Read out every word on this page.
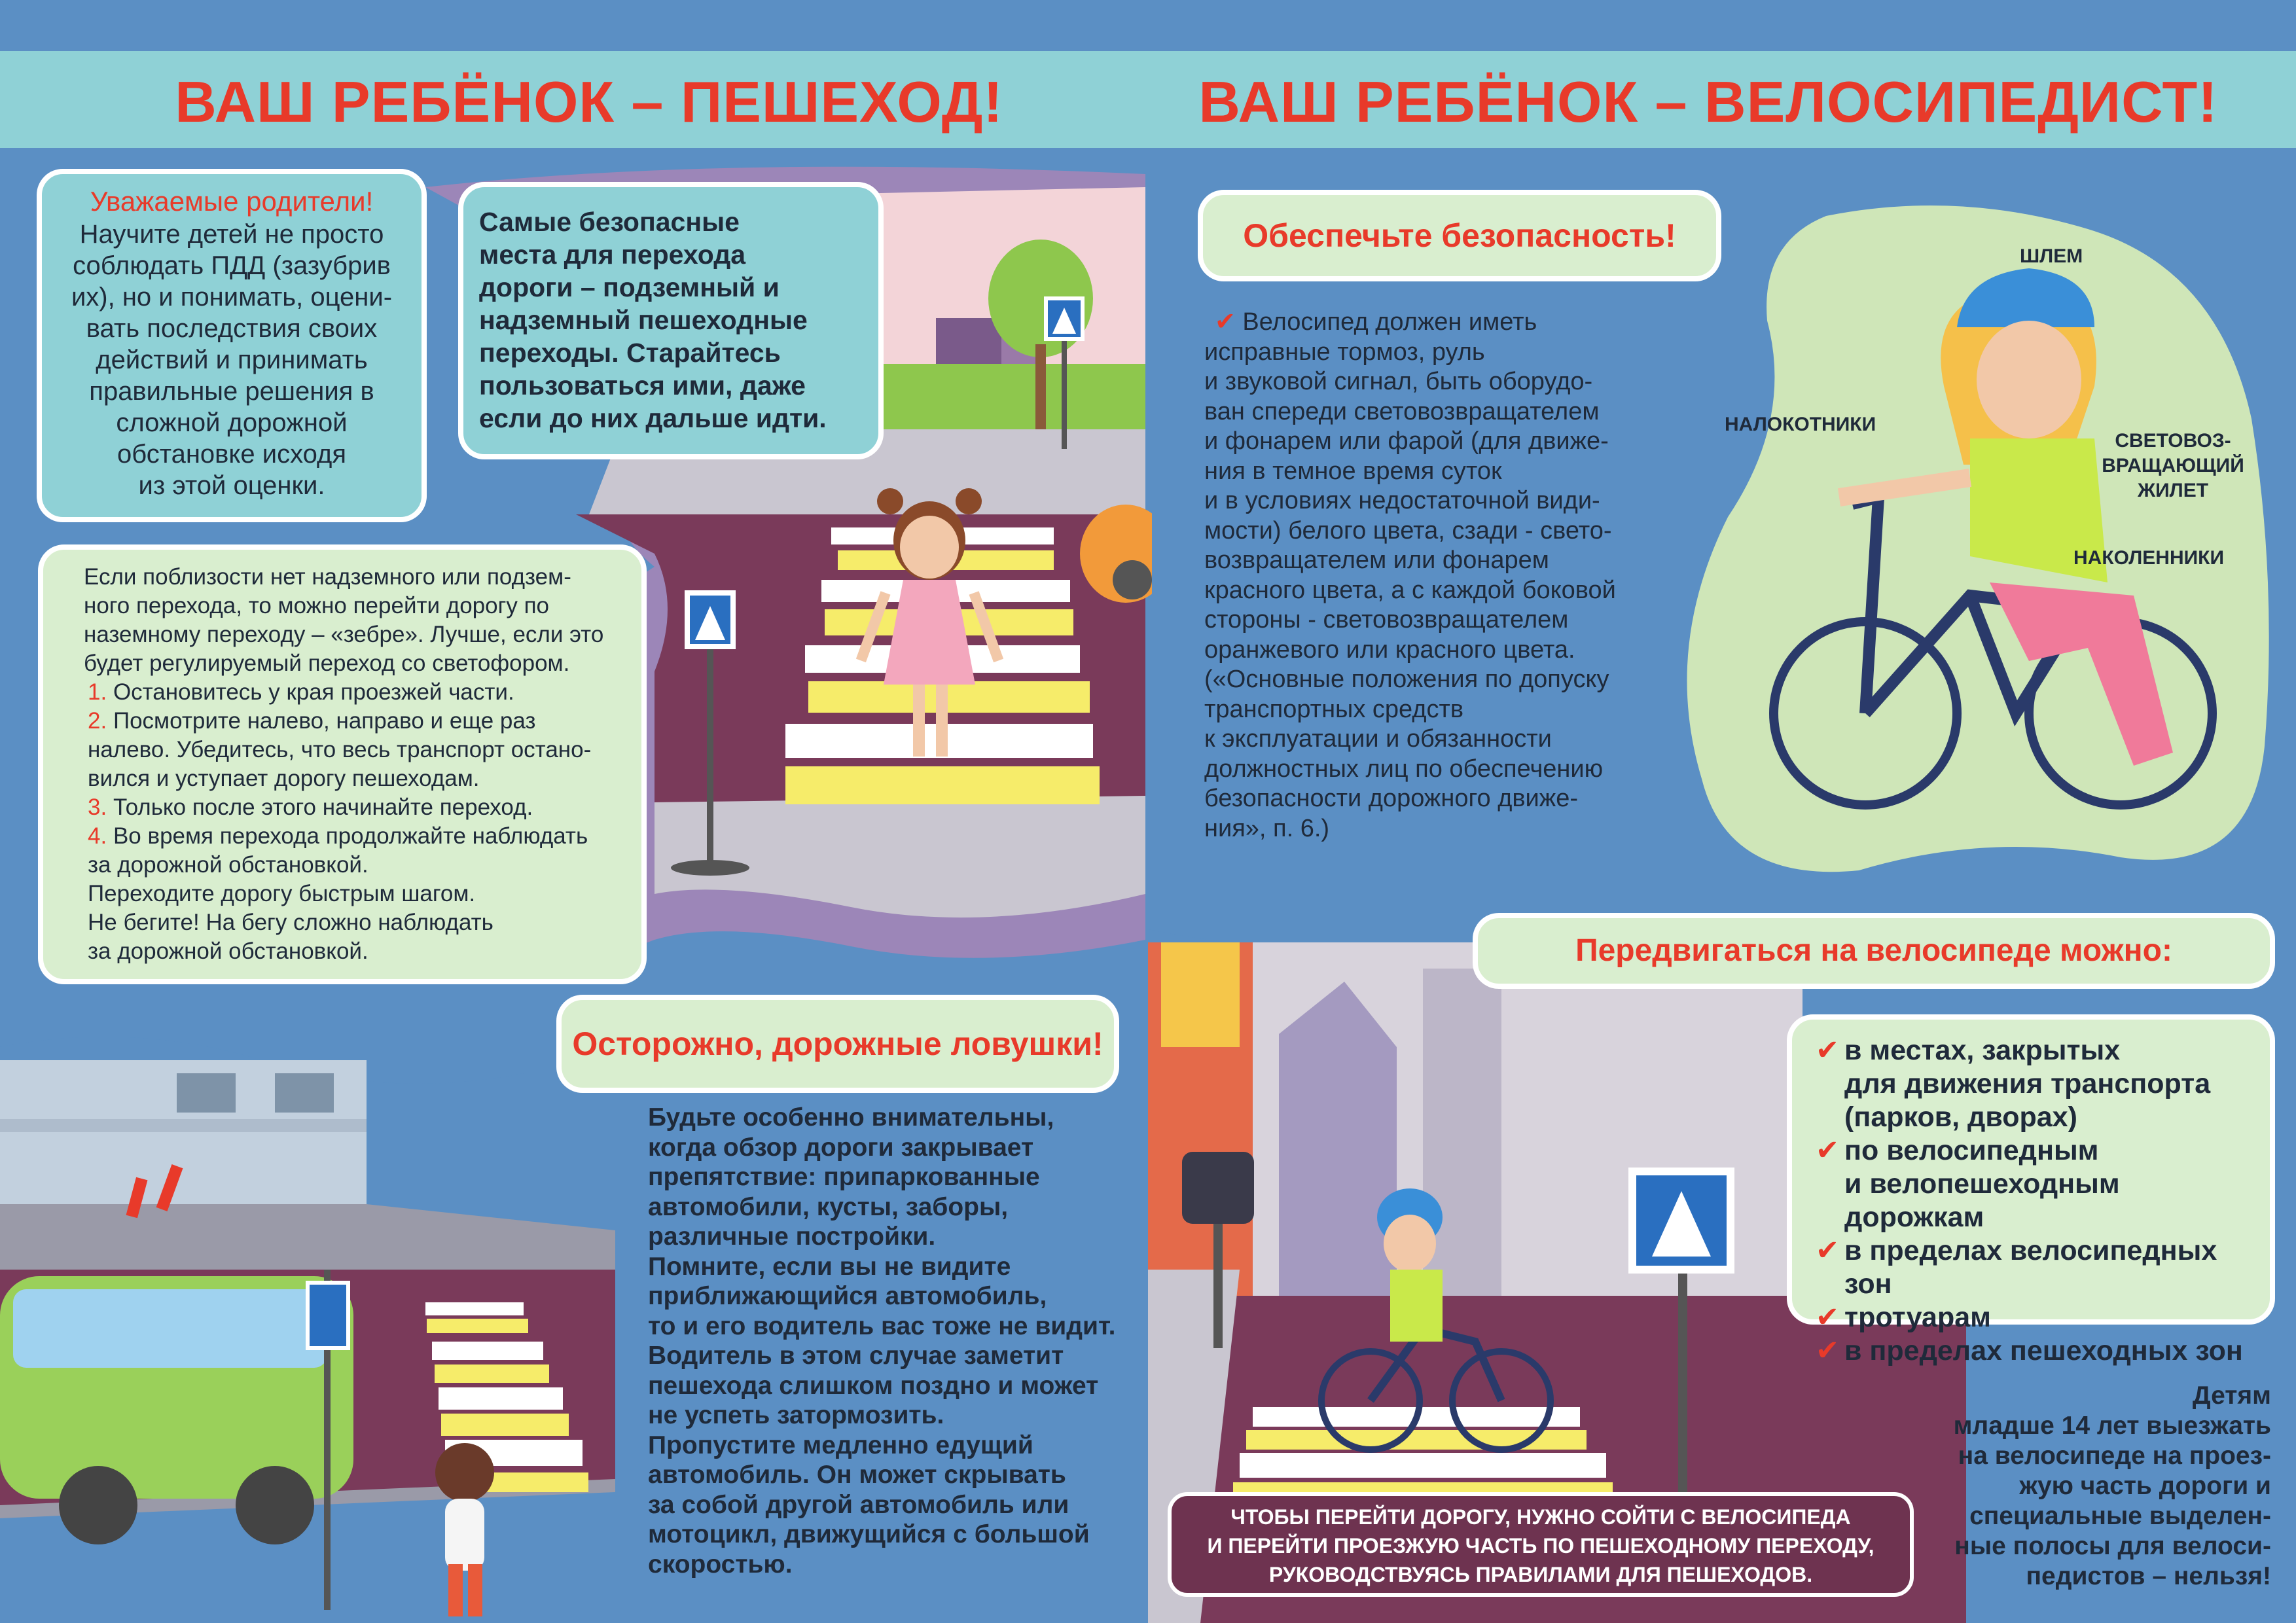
ВАШ РЕБЁНОК – ПЕШЕХОД!	ВАШ РЕБЁНОК – ВЕЛОСИПЕДИСТ!
Уважаемые родители!
Научите детей не просто
соблюдать ПДД (зазубрив
их), но и понимать, оцени-
вать последствия своих
действий и принимать
правильные решения в
сложной дорожной
обстановке исходя
из этой оценки.
Самые безопасные
места для перехода
дороги – подземный и
надземный пешеходные
переходы. Старайтесь
пользоваться ими, даже
если до них дальше идти.
Если поблизости нет надземного или подзем-
ного перехода, то можно перейти дорогу по
наземному переходу – «зебре». Лучше, если это
будет регулируемый переход со светофором.
1. Остановитесь у края проезжей части.
2. Посмотрите налево, направо и еще раз
налево. Убедитесь, что весь транспорт остано-
вился и уступает дорогу пешеходам.
3. Только после этого начинайте переход.
4. Во время перехода продолжайте наблюдать
за дорожной обстановкой.
Переходите дорогу быстрым шагом.
Не бегите! На бегу сложно наблюдать
за дорожной обстановкой.
Осторожно, дорожные ловушки!
Будьте особенно внимательны,
когда обзор дороги закрывает
препятствие: припаркованные
автомобили, кусты, заборы,
различные постройки.
Помните, если вы не видите
приближающийся автомобиль,
то и его водитель вас тоже не видит.
Водитель в этом случае заметит
пешехода слишком поздно и может
не успеть затормозить.
Пропустите медленно едущий
автомобиль. Он может скрывать
за собой другой автомобиль или
мотоцикл, движущийся с большой
скоростью.
Обеспечьте безопасность!
✔ Велосипед должен иметь
исправные тормоз, руль
и звуковой сигнал, быть оборудо-
ван спереди световозвращателем
и фонарем или фарой (для движе-
ния в темное время суток
и в условиях недостаточной види-
мости) белого цвета, сзади - свето-
возвращателем или фонарем
красного цвета, а с каждой боковой
стороны - световозвращателем
оранжевого или красного цвета.
(«Основные положения по допуску
транспортных средств
к эксплуатации и обязанности
должностных лиц по обеспечению
безопасности дорожного движе-
ния», п. 6.)
ШЛЕМ
НАЛОКОТНИКИ
СВЕТОВОЗ-
ВРАЩАЮЩИЙ
ЖИЛЕТ
НАКОЛЕННИКИ
Передвигаться на велосипеде можно:
✔ в местах, закрытых
для движения транспорта
(парков, дворах)
✔ по велосипедным
и велопешеходным дорожкам
✔ в пределах велосипедных зон
✔ тротуарам
✔ в пределах пешеходных зон
Детям
младше 14 лет выезжать
на велосипеде на проез-
жую часть дороги и
специальные выделен-
ные полосы для велоси-
педистов – нельзя!
ЧТОБЫ ПЕРЕЙТИ ДОРОГУ, НУЖНО СОЙТИ С ВЕЛОСИПЕДА
И ПЕРЕЙТИ ПРОЕЗЖУЮ ЧАСТЬ ПО ПЕШЕХОДНОМУ ПЕРЕХОДУ,
РУКОВОДСТВУЯСЬ ПРАВИЛАМИ ДЛЯ ПЕШЕХОДОВ.
